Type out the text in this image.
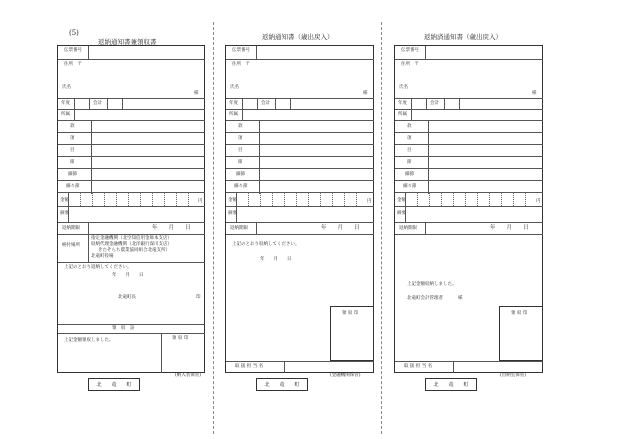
(5)
返納通知書兼領収書
伝票番号
住所　〒
氏名
様
年度	会計
所属
款
項
目
節
細節
細々節
金額	円
摘要
返納期限	年　　月　　日
納付場所
指定金融機関（北空知信用金庫本支店）
収納代理金融機関（北洋銀行深川支店）
きたそらち農業協同組合北竜支所）
北竜町役場
上記のとおり返納してください。
年　　月　　日
北竜町長	印
領　収　証
上記金額領収しました。	領 収 印
北　　竜　　町
(納入者保管)
返納通知書（歳出戻入）
伝票番号
住所　〒
氏名
様
年度	会計
所属
款
項
目
節
細節
細々節
金額	円
摘要
返納期限	年　　月　　日
上記のとおり収納してください。
年　　月　　日
領 収 印
取 扱 担 当 名
北　　竜　　町
(金融機関保管)
返納済通知書（歳出戻入）
伝票番号
住所　〒
氏名
様
年度	会計
所属
款
項
目
節
細節
細々節
金額	円
摘要
返納期限	年　　月　　日
上記金額収納しました。
北竜町会計管理者	様
領 収 印
取 扱 担 当 名
北　　竜　　町
(出納室保管)
